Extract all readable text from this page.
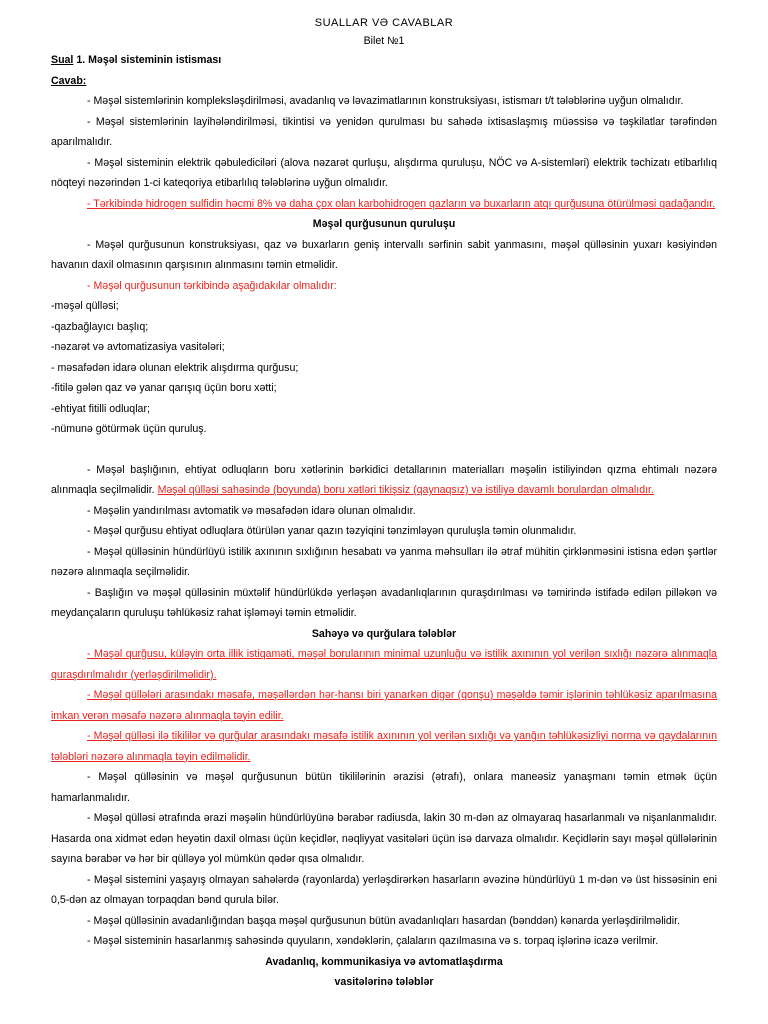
SUALLAR VƏ CAVABLAR

Bilet №1

Sual 1. Məşəl sisteminin istisması

Cavab:

- Məşəl sistemlərinin kompleksləşdirilməsi, avadanlıq və ləvazimatlarının konstruksiyası, istismarı t/t tələblərinə uyğun olmalıdır.

- Məşəl sistemlərinin layihələndirilməsi, tikintisi və yenidən qurulması bu sahədə ixtisaslaşmış müəssisə və təşkilatlar tərəfindən aparılmalıdır.

- Məşəl sisteminin elektrik qəbulediciləri (alova nəzarət qurluşu, alışdırma qurulușu, NÖC və A-sistemləri) elektrik təchizatı etibarlılıq nöqteyi nəzərindən 1-ci kateqoriya etibarlılıq tələblərinə uyğun olmalıdır.

- Tərkibində hidrogen sulfidin həcmi 8% və daha çox olan karbohidrogen qazların və buxarların atqı qurğusuna ötürülməsi qadağandır.

Məşəl qurğusunun quruluşu

- Məşəl qurğusunun konstruksiyası, qaz və buxarların geniş intervallı sərfinin sabit yanmasını, məşəl qülləsinin yuxarı kəsiyindən havanın daxil olmasının qarşısının alınmasını təmin etməlidir.

- Məşəl qurğusunun tərkibində aşağıdakılar olmalıdır:

-məşəl qülləsi;

-qazbağlayıcı başlıq;

-nəzarət və avtomatizasiya vasitələri;

- məsafədən idarə olunan elektrik alışdırma qurğusu;

-fitilə gələn qaz və yanar qarışıq üçün boru xətti;

-ehtiyat fitilli odluqlar;

-nümunə götürmək üçün quruluş.

- Məşəl başlığının, ehtiyat odluqların boru xətlərinin bərkidici detallarının materialları məşəlin istiliyindən qızma ehtimalı nəzərə alınmaqla seçilməlidir. Məşəl qülləsi sahəsində (boyunda) boru xətləri tikişsiz (qaynaqsız) və istiliyə davamlı borulardan olmalıdır.

- Məşəlin yandırılması avtomatik və məsafədən idarə olunan olmalıdır.

- Məşəl qurğusu ehtiyat odluqlara ötürülən yanar qazın təzyiqini tənzimləyən quruluşla təmin olunmalıdır.

- Məşəl qülləsinin hündürlüyü istilik axınının sıxlığının hesabatı və yanma məhsulları ilə ətraf mühitin çirklənməsini istisna edən şərtlər nəzərə alınmaqla seçilməlidir.

- Başlığın və məşəl qülləsinin müxtəlif hündürlükdə yerləşən avadanlıqlarının quraşdırılması və təmirində istifadə edilən pilləkən və meydançaların quruluşu təhlükəsiz rahat işləməyi təmin etməlidir.

Sahəyə və qurğulara tələblər

- Məşəl qurğusu, küləyin orta illik istiqaməti, məşəl borularının minimal uzunluğu və istilik axınının yol verilən sıxlığı nəzərə alınmaqla quraşdırılmalıdır (yerləşdirilməlidir).

- Məşəl qüllələri arasındakı məsafə, məşəllərdən hər-hansı biri yanarkən digər (qonşu) məşəldə təmir işlərinin təhlükəsiz aparılmasına imkan verən məsafə nəzərə alınmaqla təyin edilir.

- Məşəl qülləsi ilə tikililər və qurğular arasındakı məsafə istilik axınının yol verilən sıxlığı və yanğın təhlükəsizliyi norma və qaydalarının tələbləri nəzərə alınmaqla təyin edilməlidir.

- Məşəl qülləsinin və məşəl qurğusunun bütün tikililərinin ərazisi (ətrafı), onlara maneəsiz yanaşmanı təmin etmək üçün hamarlanmalıdır.

- Məşəl qülləsi ətrafında ərazi məşəlin hündürlüyünə bərabər radiusda, lakin 30 m-dən az olmayaraq hasarlanmalı və nişanlanmalıdır. Hasarda ona xidmət edən heyətin daxil olması üçün keçidlər, nəqliyyat vasitələri üçün isə darvaza olmalıdır. Keçidlərin sayı məşəl qüllələrinin sayına bərabər və hər bir qülləyə yol mümkün qədər qısa olmalıdır.

- Məşəl sistemini yaşayış olmayan sahələrdə (rayonlarda) yerləşdirərkən hasarların əvəzinə hündürlüyü 1 m-dən və üst hissəsinin eni 0,5-dən az olmayan torpaqdan bənd qurula bilər.

- Məşəl qülləsinin avadanlığından başqa məşəl qurğusunun bütün avadanlıqları hasardan (bənddən) kənarda yerləşdirilməlidir.

- Məşəl sisteminin hasarlanmış sahəsində quyuların, xəndəklərin, çalaların qazılmasına və s. torpaq işlərinə icazə verilmir.

Avadanlıq, kommunikasiya və avtomatlaşdırma

vasitələrinə tələblər
